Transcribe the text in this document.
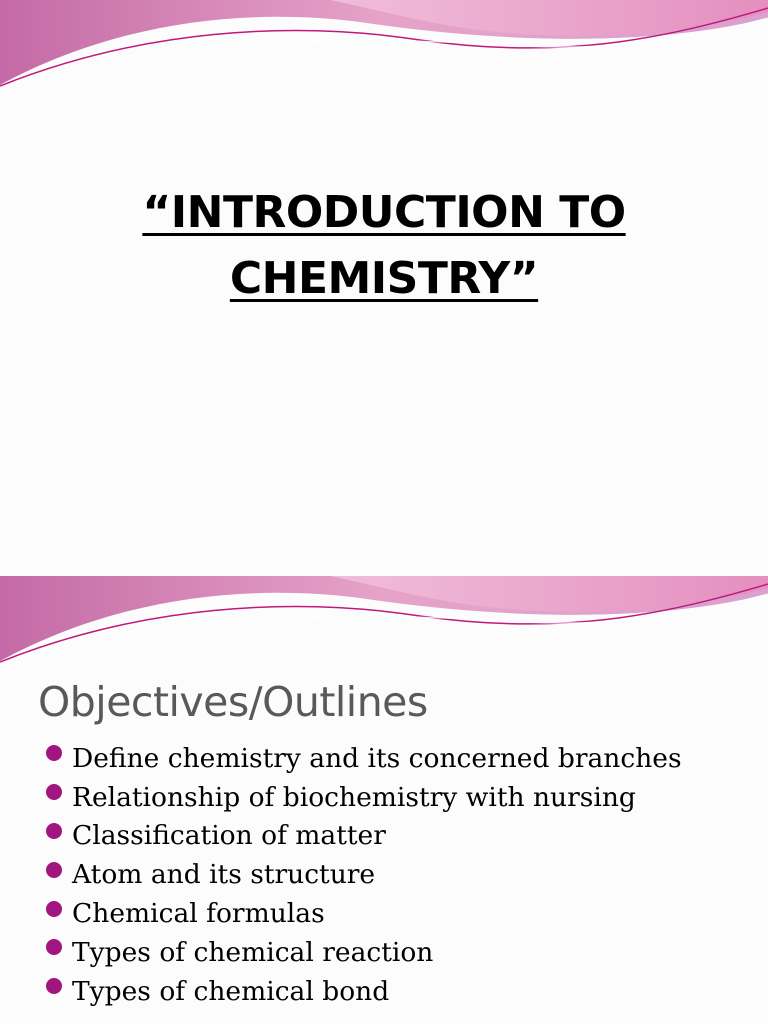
“INTRODUCTION TO CHEMISTRY”
Objectives/Outlines
Define chemistry and its concerned branches
Relationship of biochemistry with nursing
Classification of matter
Atom and its structure
Chemical formulas
Types of chemical reaction
Types of chemical bond
